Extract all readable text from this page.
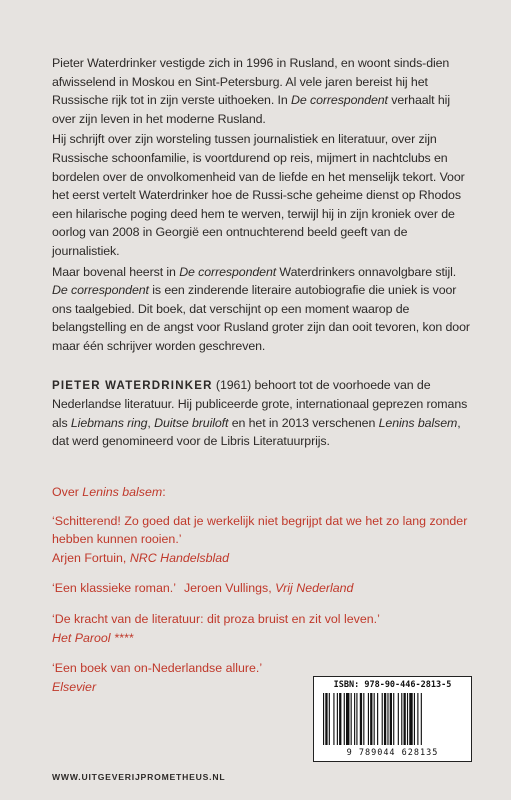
Pieter Waterdrinker vestigde zich in 1996 in Rusland, en woont sinds-dien afwisselend in Moskou en Sint-Petersburg. Al vele jaren bereist hij het Russische rijk tot in zijn verste uithoeken. In De correspondent verhaalt hij over zijn leven in het moderne Rusland.

Hij schrijft over zijn worsteling tussen journalistiek en literatuur, over zijn Russische schoonfamilie, is voortdurend op reis, mijmert in nachtclubs en bordelen over de onvolkomenheid van de liefde en het menselijk tekort. Voor het eerst vertelt Waterdrinker hoe de Russi-sche geheime dienst op Rhodos een hilarische poging deed hem te werven, terwijl hij in zijn kroniek over de oorlog van 2008 in Georgië een ontnuchterend beeld geeft van de journalistiek.

Maar bovenal heerst in De correspondent Waterdrinkers onnavolgbare stijl. De correspondent is een zinderende literaire autobiografie die uniek is voor ons taalgebied. Dit boek, dat verschijnt op een moment waarop de belangstelling en de angst voor Rusland groter zijn dan ooit tevoren, kon door maar één schrijver worden geschreven.

PIETER WATERDRINKER (1961) behoort tot de voorhoede van de Nederlandse literatuur. Hij publiceerde grote, internationaal geprezen romans als Liebmans ring, Duitse bruiloft en het in 2013 verschenen Lenins balsem, dat werd genomineerd voor de Libris Literatuurprijs.

Over Lenins balsem:
‘Schitterend! Zo goed dat je werkelijk niet begrijpt dat we het zo lang zonder hebben kunnen rooien.’
Arjen Fortuin, NRC Handelsblad
‘Een klassieke roman.’ Jeroen Vullings, Vrij Nederland
‘De kracht van de literatuur: dit proza bruist en zit vol leven.’
Het Parool ****
‘Een boek van on-Nederlandse allure.’
Elsevier	ISBN: 978-90-446-2813-5
9 789044 628135
WWW.UITGEVERIJPROMETHEUS.NL
